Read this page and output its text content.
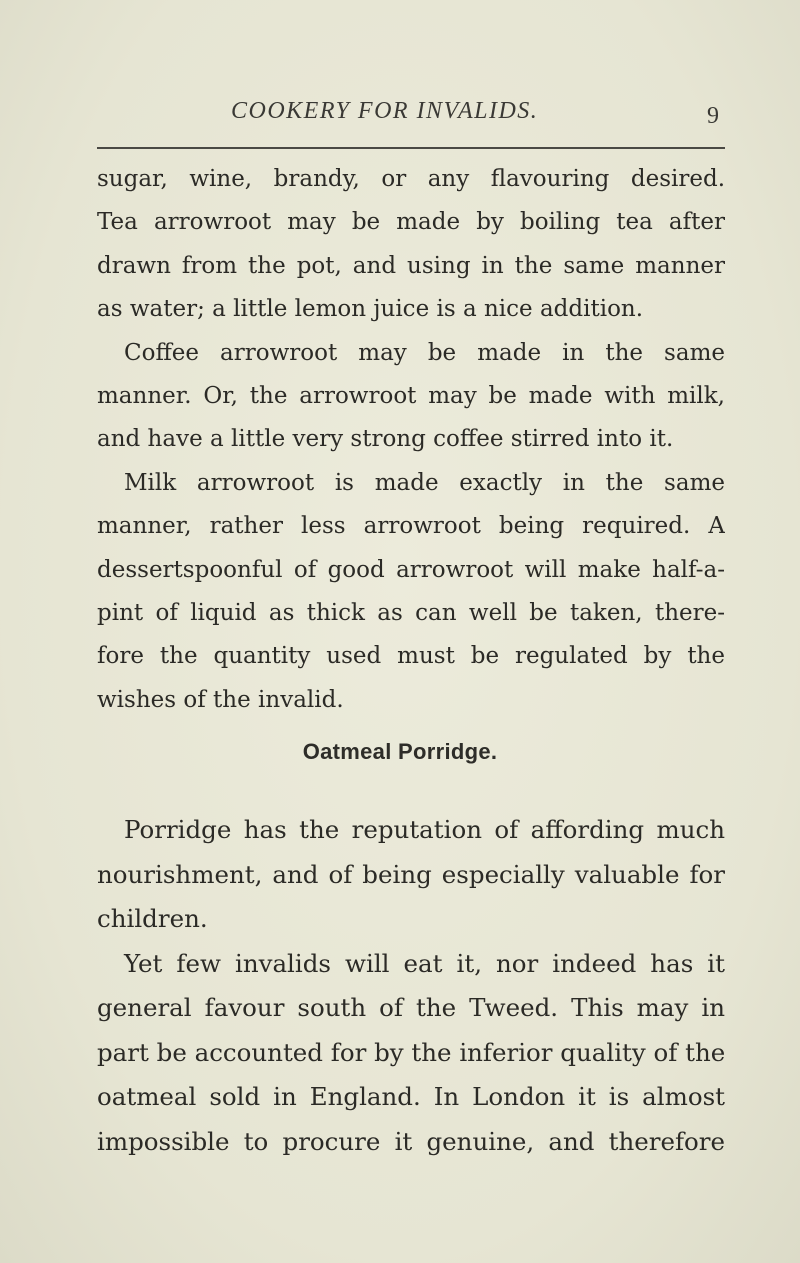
COOKERY FOR INVALIDS.	9
sugar, wine, brandy, or any flavouring desired.
Tea arrowroot may be made by boiling tea after
drawn from the pot, and using in the same manner
as water; a little lemon juice is a nice addition.
Coffee arrowroot may be made in the same
manner. Or, the arrowroot may be made with milk,
and have a little very strong coffee stirred into it.
Milk arrowroot is made exactly in the same
manner, rather less arrowroot being required. A
dessertspoonful of good arrowroot will make half-a-
pint of liquid as thick as can well be taken, there-
fore the quantity used must be regulated by the
wishes of the invalid.
Oatmeal Porridge.
Porridge has the reputation of affording much
nourishment, and of being especially valuable for
children.
Yet few invalids will eat it, nor indeed has it
general favour south of the Tweed. This may in
part be accounted for by the inferior quality of the
oatmeal sold in England. In London it is almost
impossible to procure it genuine, and therefore
